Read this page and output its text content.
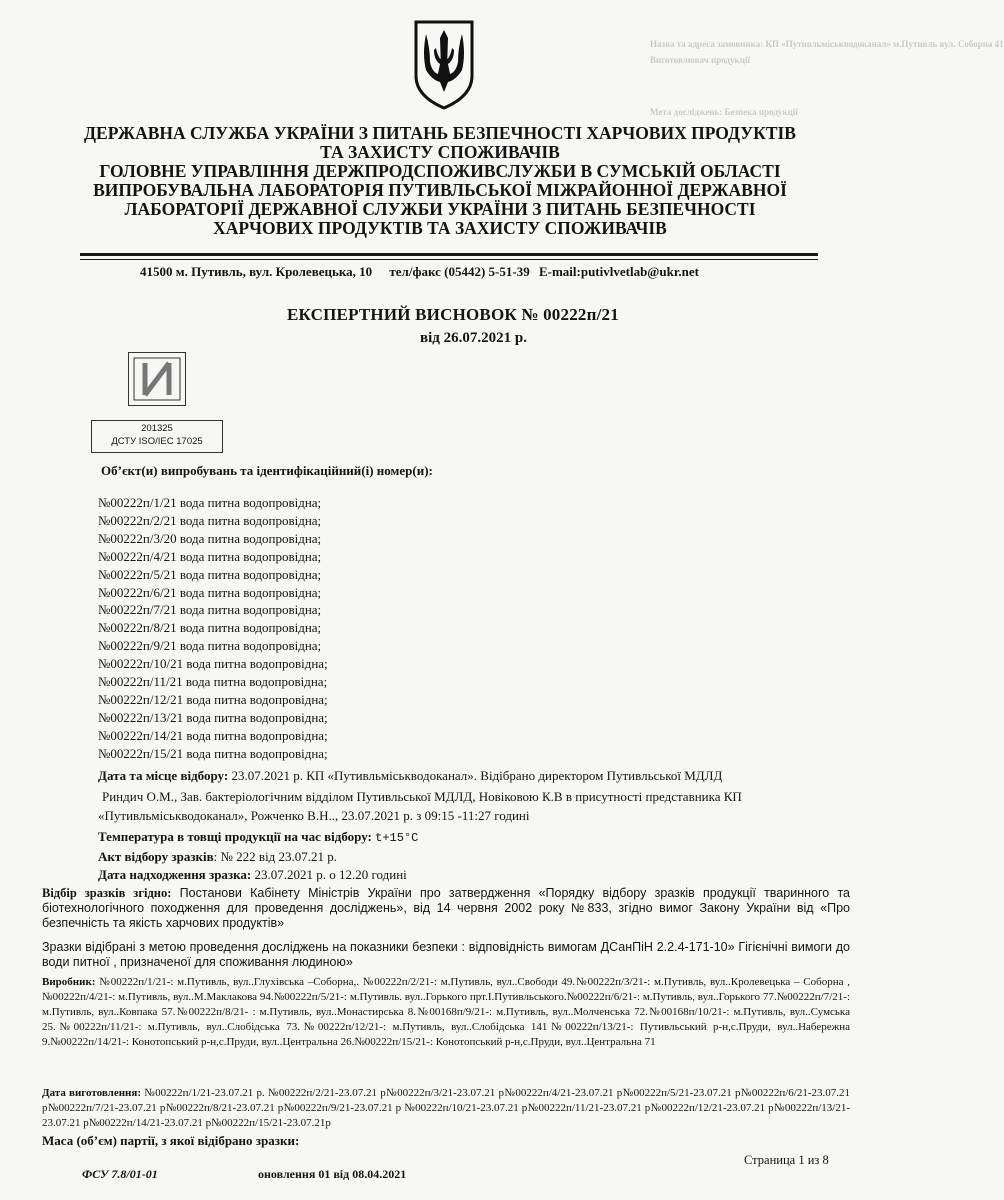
Назва та адреса замовника: КП «Путивльміськводоканал» м.Путивль вул. Соборна 41
Виготовлювач продукції
Мета досліджень: Безпека продукції
ДЕРЖАВНА СЛУЖБА УКРАЇНИ З ПИТАНЬ БЕЗПЕЧНОСТІ ХАРЧОВИХ ПРОДУКТІВ
ТА ЗАХИСТУ СПОЖИВАЧІВ
ГОЛОВНЕ УПРАВЛІННЯ ДЕРЖПРОДСПОЖИВСЛУЖБИ В СУМСЬКІЙ ОБЛАСТІ
ВИПРОБУВАЛЬНА ЛАБОРАТОРІЯ ПУТИВЛЬСЬКОЇ МІЖРАЙОННОЇ ДЕРЖАВНОЇ
ЛАБОРАТОРІЇ ДЕРЖАВНОЇ СЛУЖБИ УКРАЇНИ З ПИТАНЬ БЕЗПЕЧНОСТІ
ХАРЧОВИХ ПРОДУКТІВ ТА ЗАХИСТУ СПОЖИВАЧІВ
41500 м. Путивль, вул. Кролевецька, 10 тел/факс (05442) 5-51-39 E-mail:putivlvetlab@ukr.net
ЕКСПЕРТНИЙ ВИСНОВОК № 00222п/21
від 26.07.2021 р.
201325
ДСТУ ISO/IEC 17025
Об’єкт(и) випробувань та ідентифікаційний(і) номер(и):
№00222п/1/21 вода питна водопровідна;
№00222п/2/21 вода питна водопровідна;
№00222п/3/20 вода питна водопровідна;
№00222п/4/21 вода питна водопровідна;
№00222п/5/21 вода питна водопровідна;
№00222п/6/21 вода питна водопровідна;
№00222п/7/21 вода питна водопровідна;
№00222п/8/21 вода питна водопровідна;
№00222п/9/21 вода питна водопровідна;
№00222п/10/21 вода питна водопровідна;
№00222п/11/21 вода питна водопровідна;
№00222п/12/21 вода питна водопровідна;
№00222п/13/21 вода питна водопровідна;
№00222п/14/21 вода питна водопровідна;
№00222п/15/21 вода питна водопровідна;
Дата та місце відбору: 23.07.2021 р. КП «Путивльміськводоканал». Відібрано директором Путивльської МДЛД
Риндич О.М., Зав. бактеріологічним відділом Путивльської МДЛД, Новіковою К.В в присутності представника КП
«Путивльміськводоканал», Рожченко В.Н.., 23.07.2021 р. з 09:15 -11:27 годині
Температура в товщі продукції на час відбору: t+15°C
Акт відбору зразків: № 222 від 23.07.21 р.
Дата надходження зразка: 23.07.2021 р. о 12.20 годині
Відбір зразків згідно: Постанови Кабінету Міністрів України про затвердження «Порядку відбору зразків продукції тваринного та біотехнологічного походження для проведення досліджень», від 14 червня 2002 року №833, згідно вимог Закону України від «Про безпечність та якість харчових продуктів»
Зразки відібрані з метою проведення досліджень на показники безпеки : відповідність вимогам ДСанПіН 2.2.4-171-10» Гігієнічні вимоги до води питної , призначеної для споживання людиною»
Виробник: №00222п/1/21-: м.Путивль, вул..Глухівська –Соборна,. №00222п/2/21-: м.Путивль, вул..Свободи 49.№00222п/3/21-: м.Путивль, вул..Кролевецька – Соборна ,№00222п/4/21-: м.Путивль, вул..М.Маклакова 94.№00222п/5/21-: м.Путивль. вул..Горького прт.І.Путивльського.№00222п/6/21-: м.Путивль, вул..Горького 77.№00222п/7/21-: м.Путивль, вул..Ковпака 57.№00222п/8/21- : м.Путивль, вул..Монастирська 8.№00168п/9/21-: м.Путивль, вул..Молченська 72.№00168п/10/21-: м.Путивль, вул..Сумська 25.№00222п/11/21-: м.Путивль, вул..Слобідська 73.№00222п/12/21-: м.Путивль, вул..Слобідська 141№00222п/13/21-: Путивльський р-н,с.Пруди, вул..Набережна 9.№00222п/14/21-: Конотопський р-н,с.Пруди, вул..Центральна 26.№00222п/15/21-: Конотопський р-н,с.Пруди, вул..Центральна 71
Дата виготовлення: №00222п/1/21-23.07.21 р. №00222п/2/21-23.07.21 р№00222п/3/21-23.07.21 р№00222п/4/21-23.07.21 р№00222п/5/21-23.07.21 р№00222п/6/21-23.07.21 р№00222п/7/21-23.07.21 р№00222п/8/21-23.07.21 р№00222п/9/21-23.07.21 р №00222п/10/21-23.07.21 р№00222п/11/21-23.07.21 р№00222п/12/21-23.07.21 р№00222п/13/21-23.07.21 р№00222п/14/21-23.07.21 р№00222п/15/21-23.07.21р
Маса (об’єм) партії, з якої відібрано зразки:
Страница 1 из 8
ФСУ 7.8/01-01	оновлення 01 від 08.04.2021
